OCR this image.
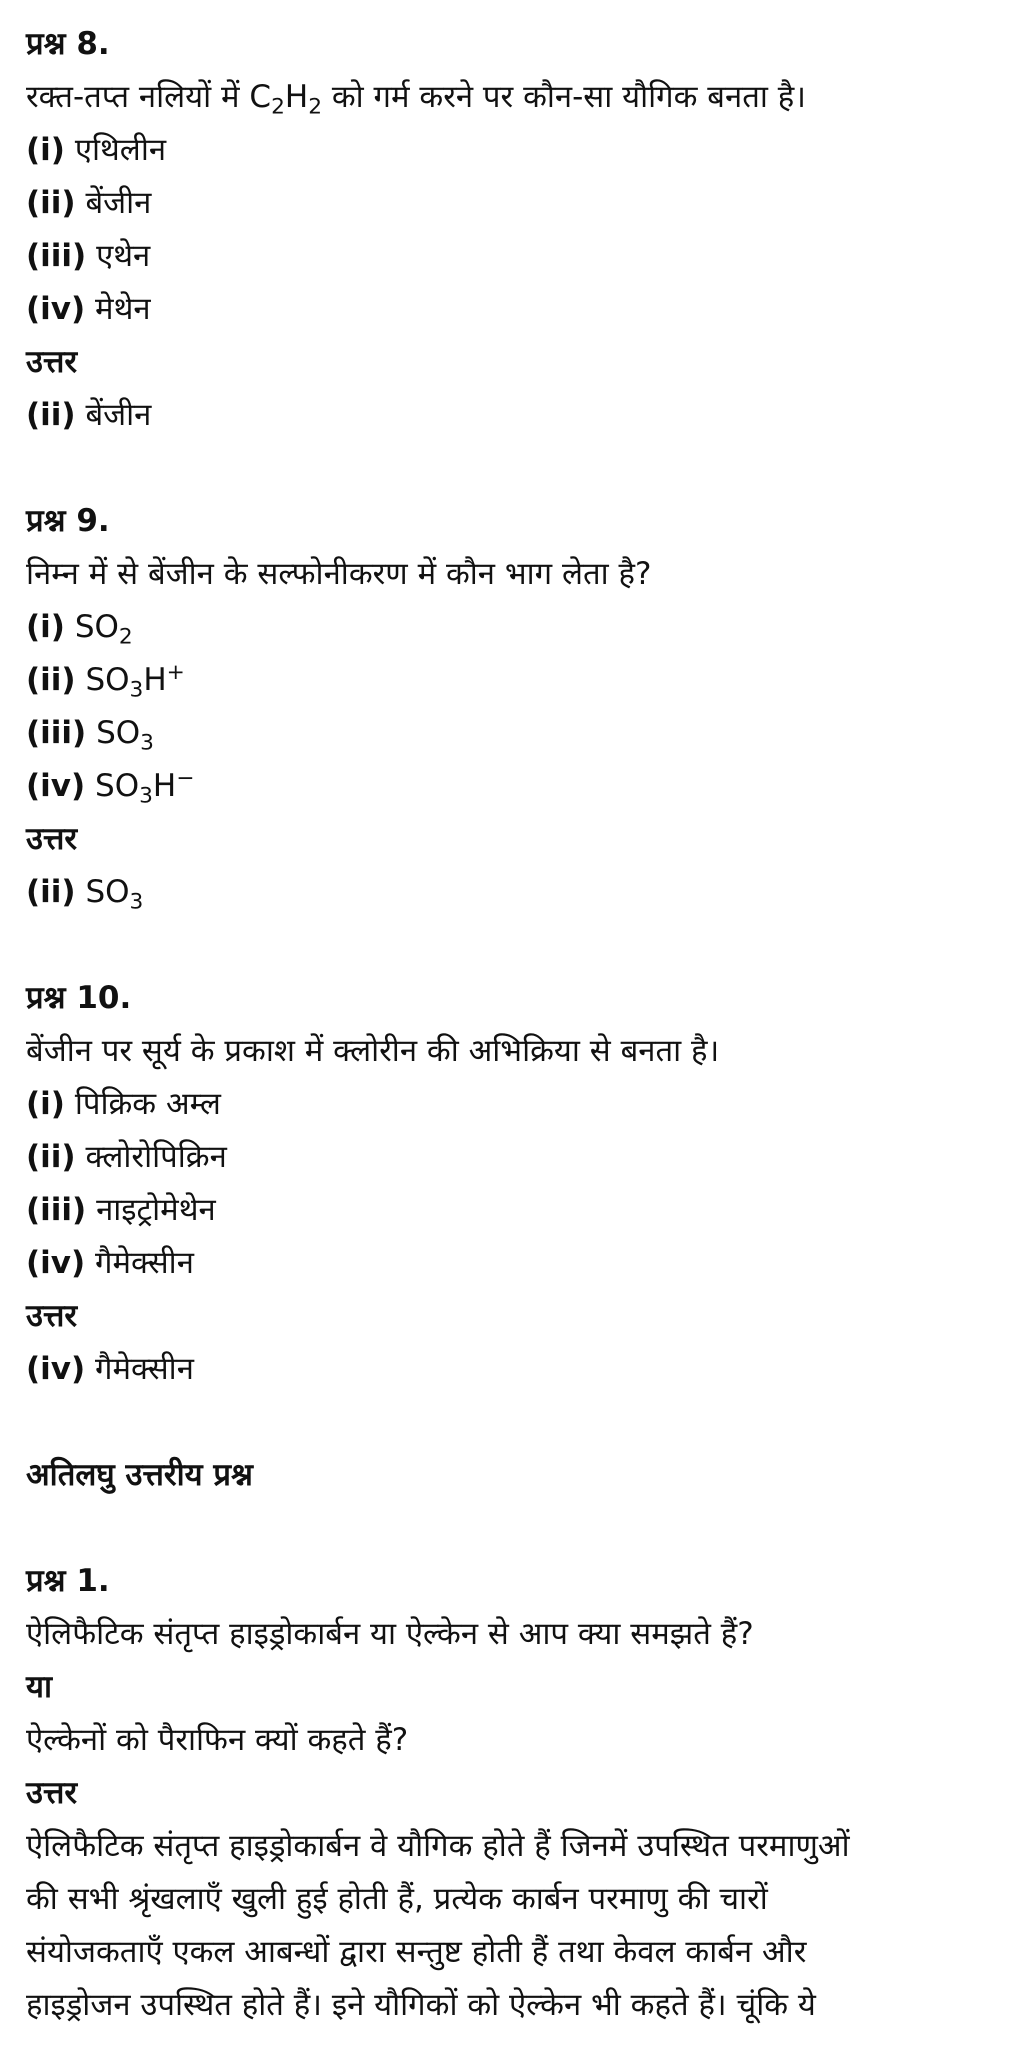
प्रश्न 8.
रक्त-तप्त नलियों में $C_2H_2$ को गर्म करने पर कौन-सा यौगिक बनता है।
(i) एथिलीन
(ii) बेंजीन
(iii) एथेन
(iv) मेथेन
उत्तर
(ii) बेंजीन
प्रश्न 9.
निम्न में से बेंजीन के सल्फोनीकरण में कौन भाग लेता है?
(i) $SO_2$
(ii) $SO_3H^+$
(iii) $SO_3$
(iv) $SO_3H^-$
उत्तर
(ii) $SO_3$
प्रश्न 10.
बेंजीन पर सूर्य के प्रकाश में क्लोरीन की अभिक्रिया से बनता है।
(i) पिक्रिक अम्ल
(ii) क्लोरोपिक्रिन
(iii) नाइट्रोमेथेन
(iv) गैमेक्सीन
उत्तर
(iv) गैमेक्सीन
अतिलघु उत्तरीय प्रश्न
प्रश्न 1.
ऐलिफैटिक संतृप्त हाइड्रोकार्बन या ऐल्केन से आप क्या समझते हैं?
या
ऐल्केनों को पैराफिन क्यों कहते हैं?
उत्तर
ऐलिफैटिक संतृप्त हाइड्रोकार्बन वे यौगिक होते हैं जिनमें उपस्थित परमाणुओं
की सभी श्रृंखलाएँ खुली हुई होती हैं, प्रत्येक कार्बन परमाणु की चारों
संयोजकताएँ एकल आबन्धों द्वारा सन्तुष्ट होती हैं तथा केवल कार्बन और
हाइड्रोजन उपस्थित होते हैं। इने यौगिकों को ऐल्केन भी कहते हैं। चूंकि ये
